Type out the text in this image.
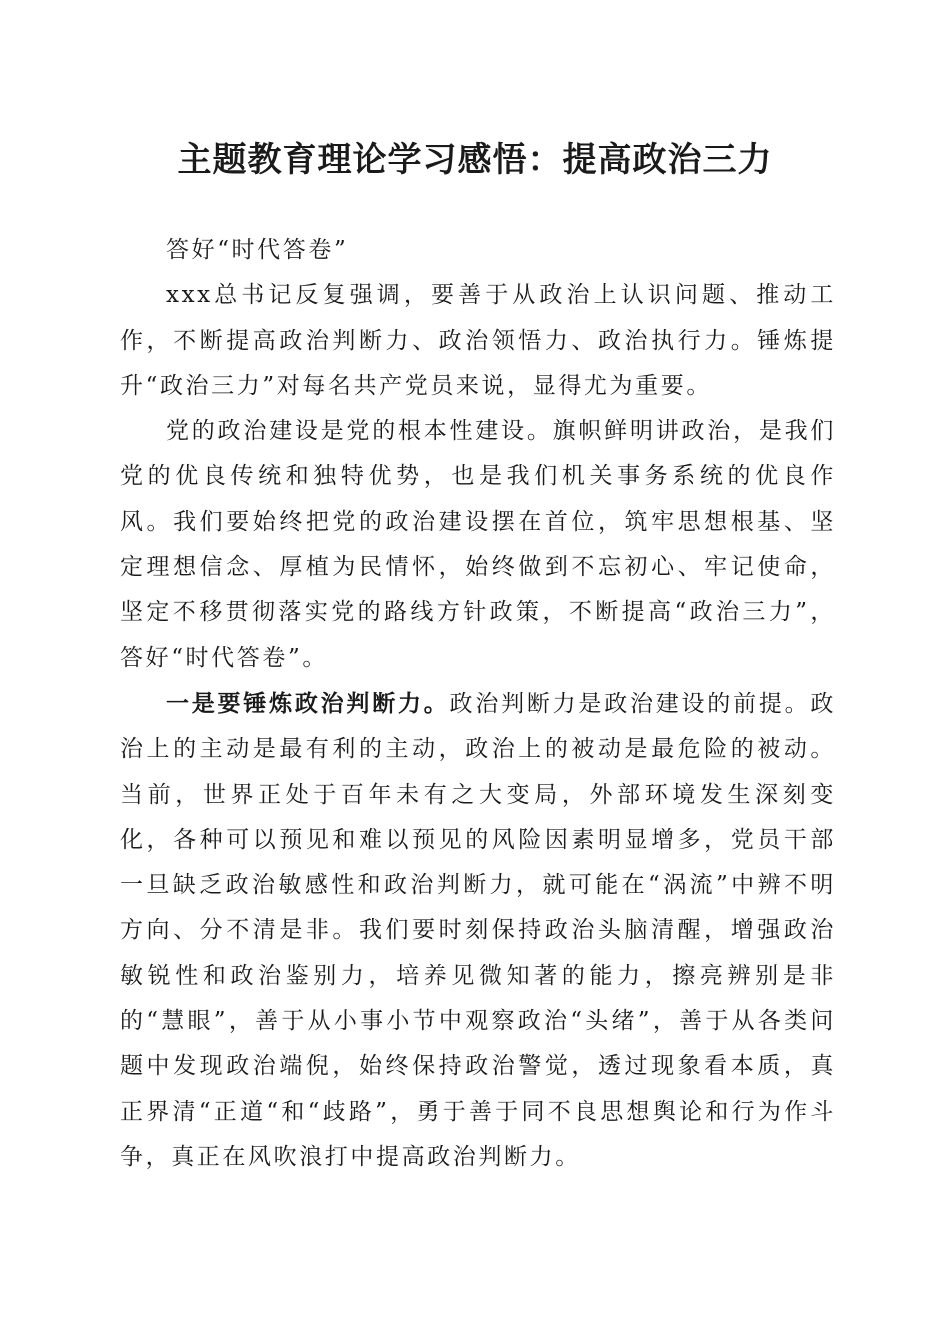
主题教育理论学习感悟：提高政治三力

答好“时代答卷”

xxx总书记反复强调，要善于从政治上认识问题、推动工作，不断提高政治判断力、政治领悟力、政治执行力。锤炼提升“政治三力”对每名共产党员来说，显得尤为重要。

党的政治建设是党的根本性建设。旗帜鲜明讲政治，是我们党的优良传统和独特优势，也是我们机关事务系统的优良作风。我们要始终把党的政治建设摆在首位，筑牢思想根基、坚定理想信念、厚植为民情怀，始终做到不忘初心、牢记使命，坚定不移贯彻落实党的路线方针政策，不断提高“政治三力”，答好“时代答卷”。

一是要锤炼政治判断力。政治判断力是政治建设的前提。政治上的主动是最有利的主动，政治上的被动是最危险的被动。当前，世界正处于百年未有之大变局，外部环境发生深刻变化，各种可以预见和难以预见的风险因素明显增多，党员干部一旦缺乏政治敏感性和政治判断力，就可能在“涡流”中辨不明方向、分不清是非。我们要时刻保持政治头脑清醒，增强政治敏锐性和政治鉴别力，培养见微知著的能力，擦亮辨别是非的“慧眼”，善于从小事小节中观察政治“头绪”，善于从各类问题中发现政治端倪，始终保持政治警觉，透过现象看本质，真正界清“正道“和“歧路”，勇于善于同不良思想舆论和行为作斗争，真正在风吹浪打中提高政治判断力。
